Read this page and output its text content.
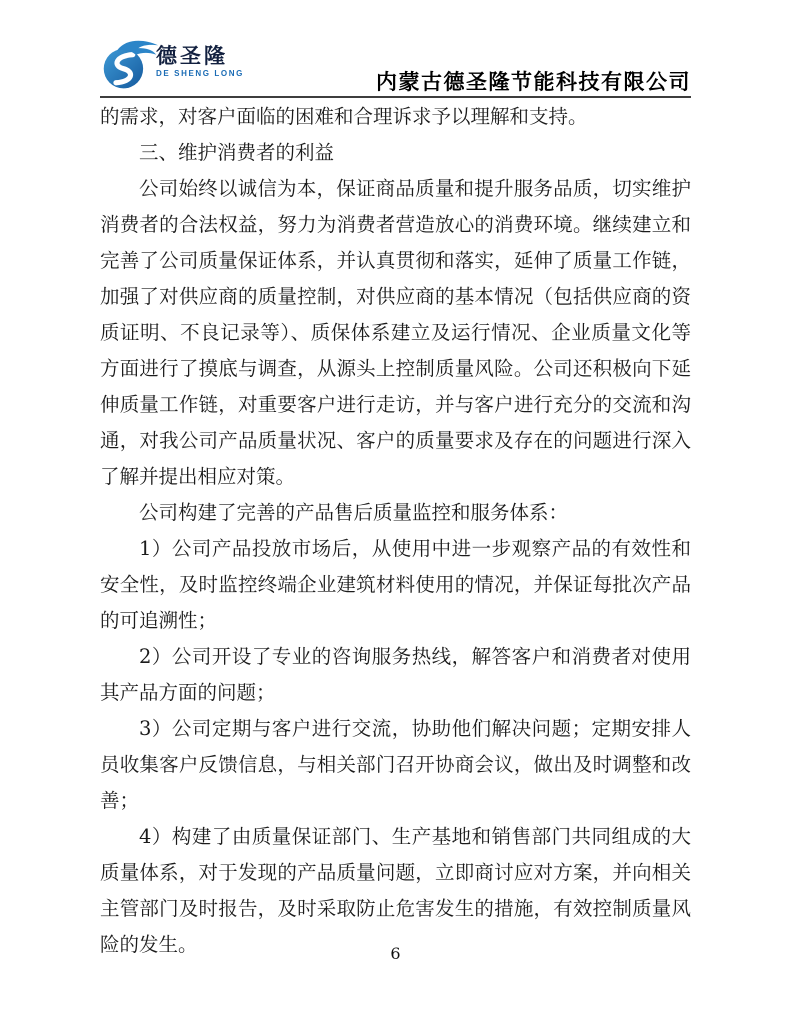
德圣隆
DE SHENG LONG	内蒙古德圣隆节能科技有限公司

的需求，对客户面临的困难和合理诉求予以理解和支持。

三、维护消费者的利益

公司始终以诚信为本，保证商品质量和提升服务品质，切实维护消费者的合法权益，努力为消费者营造放心的消费环境。继续建立和完善了公司质量保证体系，并认真贯彻和落实，延伸了质量工作链，加强了对供应商的质量控制，对供应商的基本情况（包括供应商的资质证明、不良记录等）、质保体系建立及运行情况、企业质量文化等方面进行了摸底与调查，从源头上控制质量风险。公司还积极向下延伸质量工作链，对重要客户进行走访，并与客户进行充分的交流和沟通，对我公司产品质量状况、客户的质量要求及存在的问题进行深入了解并提出相应对策。

公司构建了完善的产品售后质量监控和服务体系：

1）公司产品投放市场后，从使用中进一步观察产品的有效性和安全性，及时监控终端企业建筑材料使用的情况，并保证每批次产品的可追溯性；

2）公司开设了专业的咨询服务热线，解答客户和消费者对使用其产品方面的问题；

3）公司定期与客户进行交流，协助他们解决问题；定期安排人员收集客户反馈信息，与相关部门召开协商会议，做出及时调整和改善；

4）构建了由质量保证部门、生产基地和销售部门共同组成的大质量体系，对于发现的产品质量问题，立即商讨应对方案，并向相关主管部门及时报告，及时采取防止危害发生的措施，有效控制质量风险的发生。	6
